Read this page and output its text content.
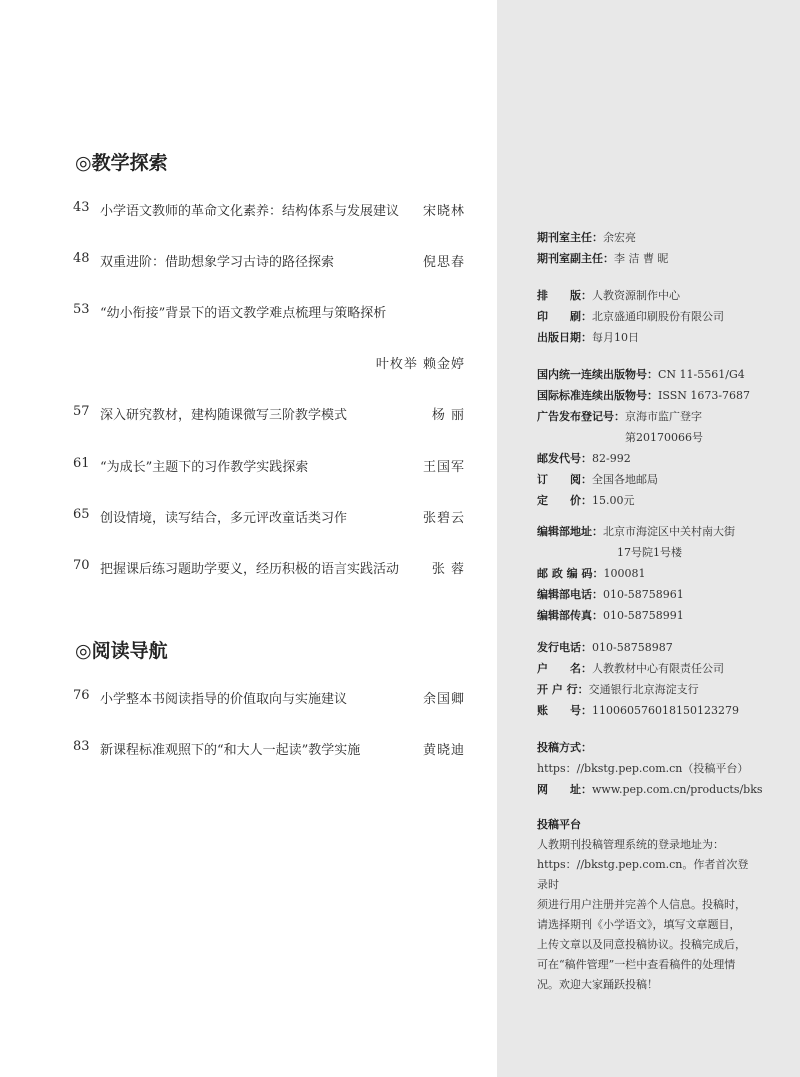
◎教学探索
43 小学语文教师的革命文化素养：结构体系与发展建议 宋晓林
48 双重进阶：借助想象学习古诗的路径探索	倪思春
53 “幼小衔接”背景下的语文教学难点梳理与策略探析
叶枚举 赖金婷
57 深入研究教材，建构随课微写三阶教学模式	杨 丽
61 “为成长”主题下的习作教学实践探索	王国军
65 创设情境，读写结合，多元评改童话类习作	张碧云
70 把握课后练习题助学要义，经历积极的语言实践活动	张 蓉
◎阅读导航
76 小学整本书阅读指导的价值取向与实施建议	余国卿
83 新课程标准观照下的“和大人一起读”教学实施	黄晓迪
期刊室主任：余宏亮
期刊室副主任：李 洁 曹 昵
排　　版：人教资源制作中心
印　　刷：北京盛通印刷股份有限公司
出版日期：每月10日
国内统一连续出版物号：CN 11-5561/G4
国际标准连续出版物号：ISSN 1673-7687
广告发布登记号：京海市监广登字
第20170066号
邮发代号：82-992
订　　阅：全国各地邮局
定　　价：15.00元
编辑部地址：北京市海淀区中关村南大街
17号院1号楼
邮 政 编 码：100081
编辑部电话：010-58758961
编辑部传真：010-58758991
发行电话：010-58758987
户　　名：人教教材中心有限责任公司
开 户 行：交通银行北京海淀支行
账　　号：110060576018150123279
投稿方式：
https：//bkstg.pep.com.cn（投稿平台）
网　　址：www.pep.com.cn/products/bks
投稿平台
人教期刊投稿管理系统的登录地址为：
https：//bkstg.pep.com.cn。作者首次登录时
须进行用户注册并完善个人信息。投稿时，
请选择期刊《小学语文》，填写文章题目，
上传文章以及同意投稿协议。投稿完成后，
可在“稿件管理”一栏中查看稿件的处理情
况。欢迎大家踊跃投稿！
